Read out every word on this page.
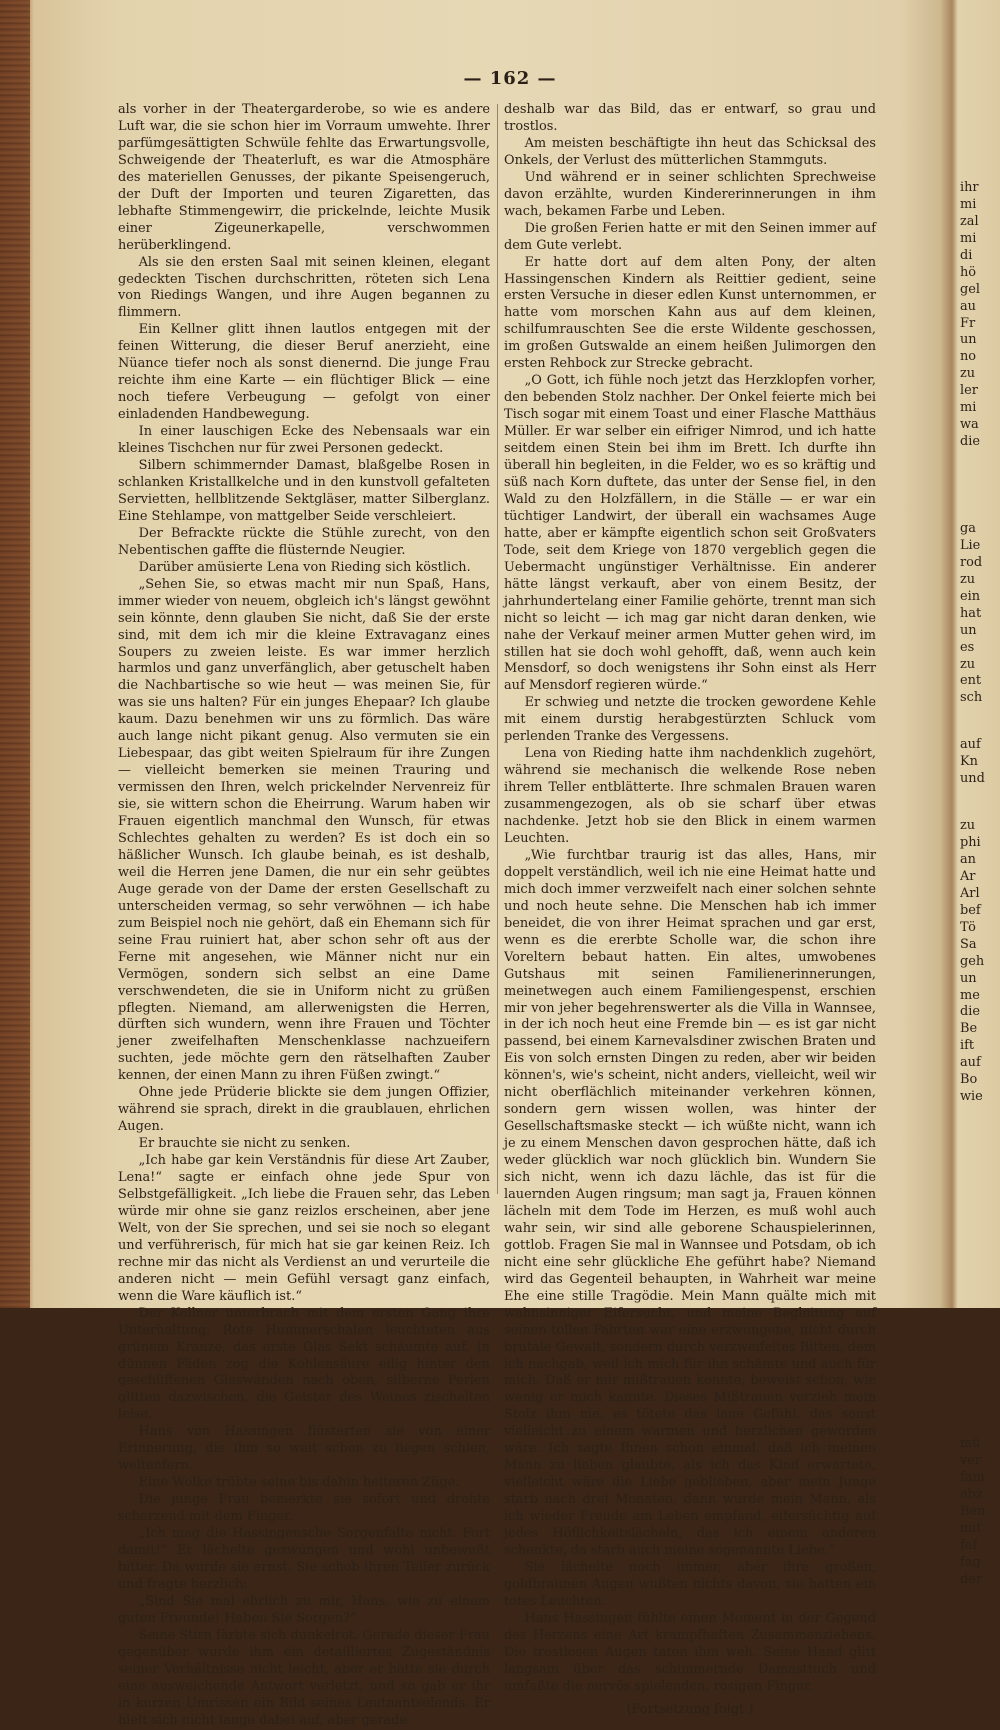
— 162 —

als vorher in der Theatergarderobe, so wie es andere Luft war, die sie schon hier im Vorraum umwehte. Ihrer parfümgesättigten Schwüle fehlte das Erwartungsvolle, Schweigende der Theaterluft, es war die Atmosphäre des materiellen Genusses, der pikante Speisengeruch, der Duft der Importen und teuren Zigaretten, das lebhafte Stimmengewirr, die prickelnde, leichte Musik einer Zigeunerkapelle, verschwommen herüberklingend.

Als sie den ersten Saal mit seinen kleinen, elegant gedeckten Tischen durchschritten, röteten sich Lena von Riedings Wangen, und ihre Augen begannen zu flimmern.

Ein Kellner glitt ihnen lautlos entgegen mit der feinen Witterung, die dieser Beruf anerzieht, eine Nüance tiefer noch als sonst dienernd. Die junge Frau reichte ihm eine Karte — ein flüchtiger Blick — eine noch tiefere Verbeugung — gefolgt von einer einladenden Handbewegung.

In einer lauschigen Ecke des Nebensaals war ein kleines Tischchen nur für zwei Personen gedeckt.

Silbern schimmernder Damast, blaßgelbe Rosen in schlanken Kristallkelche und in den kunstvoll gefalteten Servietten, hellblitzende Sektgläser, matter Silberglanz. Eine Stehlampe, von mattgelber Seide verschleiert.

Der Befrackte rückte die Stühle zurecht, von den Nebentischen gaffte die flüsternde Neugier.

Darüber amüsierte Lena von Rieding sich köstlich.

„Sehen Sie, so etwas macht mir nun Spaß, Hans, immer wieder von neuem, obgleich ich's längst gewöhnt sein könnte, denn glauben Sie nicht, daß Sie der erste sind, mit dem ich mir die kleine Extravaganz eines Soupers zu zweien leiste. Es war immer herzlich harmlos und ganz unverfänglich, aber getuschelt haben die Nachbartische so wie heut — was meinen Sie, für was sie uns halten? Für ein junges Ehepaar? Ich glaube kaum. Dazu benehmen wir uns zu förmlich. Das wäre auch lange nicht pikant genug. Also vermuten sie ein Liebespaar, das gibt weiten Spielraum für ihre Zungen — vielleicht bemerken sie meinen Trauring und vermissen den Ihren, welch prickelnder Nervenreiz für sie, sie wittern schon die Eheirrung. Warum haben wir Frauen eigentlich manchmal den Wunsch, für etwas Schlechtes gehalten zu werden? Es ist doch ein so häßlicher Wunsch. Ich glaube beinah, es ist deshalb, weil die Herren jene Damen, die nur ein sehr geübtes Auge gerade von der Dame der ersten Gesellschaft zu unterscheiden vermag, so sehr verwöhnen — ich habe zum Beispiel noch nie gehört, daß ein Ehemann sich für seine Frau ruiniert hat, aber schon sehr oft aus der Ferne mit angesehen, wie Männer nicht nur ein Vermögen, sondern sich selbst an eine Dame verschwendeten, die sie in Uniform nicht zu grüßen pflegten. Niemand, am allerwenigsten die Herren, dürften sich wundern, wenn ihre Frauen und Töchter jener zweifelhaften Menschenklasse nachzueifern suchten, jede möchte gern den rätselhaften Zauber kennen, der einen Mann zu ihren Füßen zwingt.“

Ohne jede Prüderie blickte sie dem jungen Offizier, während sie sprach, direkt in die graublauen, ehrlichen Augen.

Er brauchte sie nicht zu senken.

„Ich habe gar kein Verständnis für diese Art Zauber, Lena!“ sagte er einfach ohne jede Spur von Selbstgefälligkeit. „Ich liebe die Frauen sehr, das Leben würde mir ohne sie ganz reizlos erscheinen, aber jene Welt, von der Sie sprechen, und sei sie noch so elegant und verführerisch, für mich hat sie gar keinen Reiz. Ich rechne mir das nicht als Verdienst an und verurteile die anderen nicht — mein Gefühl versagt ganz einfach, wenn die Ware käuflich ist.“

Der Kellner unterbrach mit dem ersten Gang ihre Unterhaltung. Rote Hummerschalen leuchteten aus grünem Kranze, das erste Glas Sekt schäumte auf. In dünnen Fäden zog die Kohlensäure eilig hinter den geschliffenen Glaswänden nach oben, silberne Perlen glitten dazwischen, die Geister des Weines zischelten leise.

Hans von Hassingen flüsterten sie von einer Erinnerung, die ihm so weit schon zu liegen schien, weltenfern.

Eine Wolke trübte seine bis dahin heiteren Züge.

Die junge Frau bemerkte sie sofort und drohte scherzend mit dem Finger.

„Ich mag die Hassingensche Sorgenfalte nicht. Fort damit!“ Er lächelte gezwungen und wohl unbewußt bitter. Da wurde sie ernst. Sie schob ihren Teller zurück und fragte herzlich:

„Sind Sie mal ehrlich zu mir, Hans, wie zu einem guten Freunde! Haben Sie Sorgen?“

Seine Stirn färbte sich dunkelrot. Gerade dieser Frau gegenüber wurde ihm ein detailliertes Zugeständnis seiner Verhältnisse nicht leicht, aber er hätte sie durch eine ausweichende Antwort verletzt, und so gab er ihr in kurzen Umrissen ein Bild seines Leutnantselends. Er hielt sich nicht lange dabei auf, aber gerade

deshalb war das Bild, das er entwarf, so grau und trostlos.

Am meisten beschäftigte ihn heut das Schicksal des Onkels, der Verlust des mütterlichen Stammguts.

Und während er in seiner schlichten Sprechweise davon erzählte, wurden Kindererinnerungen in ihm wach, bekamen Farbe und Leben.

Die großen Ferien hatte er mit den Seinen immer auf dem Gute verlebt.

Er hatte dort auf dem alten Pony, der alten Hassingenschen Kindern als Reittier gedient, seine ersten Versuche in dieser edlen Kunst unternommen, er hatte vom morschen Kahn aus auf dem kleinen, schilfumrauschten See die erste Wildente geschossen, im großen Gutswalde an einem heißen Julimorgen den ersten Rehbock zur Strecke gebracht.

„O Gott, ich fühle noch jetzt das Herzklopfen vorher, den bebenden Stolz nachher. Der Onkel feierte mich bei Tisch sogar mit einem Toast und einer Flasche Matthäus Müller. Er war selber ein eifriger Nimrod, und ich hatte seitdem einen Stein bei ihm im Brett. Ich durfte ihn überall hin begleiten, in die Felder, wo es so kräftig und süß nach Korn duftete, das unter der Sense fiel, in den Wald zu den Holzfällern, in die Ställe — er war ein tüchtiger Landwirt, der überall ein wachsames Auge hatte, aber er kämpfte eigentlich schon seit Großvaters Tode, seit dem Kriege von 1870 vergeblich gegen die Uebermacht ungünstiger Verhältnisse. Ein anderer hätte längst verkauft, aber von einem Besitz, der jahrhundertelang einer Familie gehörte, trennt man sich nicht so leicht — ich mag gar nicht daran denken, wie nahe der Verkauf meiner armen Mutter gehen wird, im stillen hat sie doch wohl gehofft, daß, wenn auch kein Mensdorf, so doch wenigstens ihr Sohn einst als Herr auf Mensdorf regieren würde.“

Er schwieg und netzte die trocken gewordene Kehle mit einem durstig herabgestürzten Schluck vom perlenden Tranke des Vergessens.

Lena von Rieding hatte ihm nachdenklich zugehört, während sie mechanisch die welkende Rose neben ihrem Teller entblätterte. Ihre schmalen Brauen waren zusammengezogen, als ob sie scharf über etwas nachdenke. Jetzt hob sie den Blick in einem warmen Leuchten.

„Wie furchtbar traurig ist das alles, Hans, mir doppelt verständlich, weil ich nie eine Heimat hatte und mich doch immer verzweifelt nach einer solchen sehnte und noch heute sehne. Die Menschen hab ich immer beneidet, die von ihrer Heimat sprachen und gar erst, wenn es die ererbte Scholle war, die schon ihre Voreltern bebaut hatten. Ein altes, umwobenes Gutshaus mit seinen Familienerinnerungen, meinetwegen auch einem Familiengespenst, erschien mir von jeher begehrenswerter als die Villa in Wannsee, in der ich noch heut eine Fremde bin — es ist gar nicht passend, bei einem Karnevalsdiner zwischen Braten und Eis von solch ernsten Dingen zu reden, aber wir beiden können's, wie's scheint, nicht anders, vielleicht, weil wir nicht oberflächlich miteinander verkehren können, sondern gern wissen wollen, was hinter der Gesellschaftsmaske steckt — ich wüßte nicht, wann ich je zu einem Menschen davon gesprochen hätte, daß ich weder glücklich war noch glücklich bin. Wundern Sie sich nicht, wenn ich dazu lächle, das ist für die lauernden Augen ringsum; man sagt ja, Frauen können lächeln mit dem Tode im Herzen, es muß wohl auch wahr sein, wir sind alle geborene Schauspielerinnen, gottlob. Fragen Sie mal in Wannsee und Potsdam, ob ich nicht eine sehr glückliche Ehe geführt habe? Niemand wird das Gegenteil behaupten, in Wahrheit war meine Ehe eine stille Tragödie. Mein Mann quälte mich mit wahnsinniger Eifersucht, und meine Begleitung auf seinen tollen Fahrten war eine erzwungene, nicht durch brutale Gewalt, sondern durch verzweifeltes Bitten, dem ich nachgab, weil ich mich für ihn schämte und auch für mich. Daß er mir mißtrauen konnte, beweist schon, wie wenig er mich kannte. Dieses Mißtrauen verzieh mein Stolz ihm nie, es tötete das laue Gefühl, das sonst vielleicht zu einem warmen und herzlichen geworden wäre. Ich sagte Ihnen schon einmal, daß ich meinen Mann zu lieben glaubte, als ich das Kind erwartete, vielleicht wäre die Liebe geblieben, aber mein Junge starb nach drei Monaten, dann wurde mein Mann, als ich wieder Freude am Leben empfand, eifersüchtig auf jedes Höflichkeitslächeln, das ich einem anderen schenkte, da starb auch meine sogenannte Liebe.“

Sie lächelte noch immer, aber ihre großen, goldbraunen Augen wußten nichts davon, sie hatten ein totes Leuchten.

Hans Hassingen fühlte einen Moment in der Gegend des Herzens eine Art krampfhaften Zusammenziehens. Die trostlosen Augen taten ihm weh. Seine Hand glitt langsam über das schimmernde Damasttuch und umfaßte die nervös spielenden, rosigen Finger.

(Fortsetzung folgt.)

ihr
mi
zal
mi
di
hö
gel
au
Fr
un
no
zu
ler
mi
wa
die
ga
Lie
rod
zu
ein
hat
un
es
zu
ent
sch
auf
Kn
und
zu
phi
an
Ar
Arl
bef
Tö
Sa
geh
un
me
die
Be
ift
auf
Bo
wie
mü
ver
fam
abz
Ben
mit
fef
fag
der
